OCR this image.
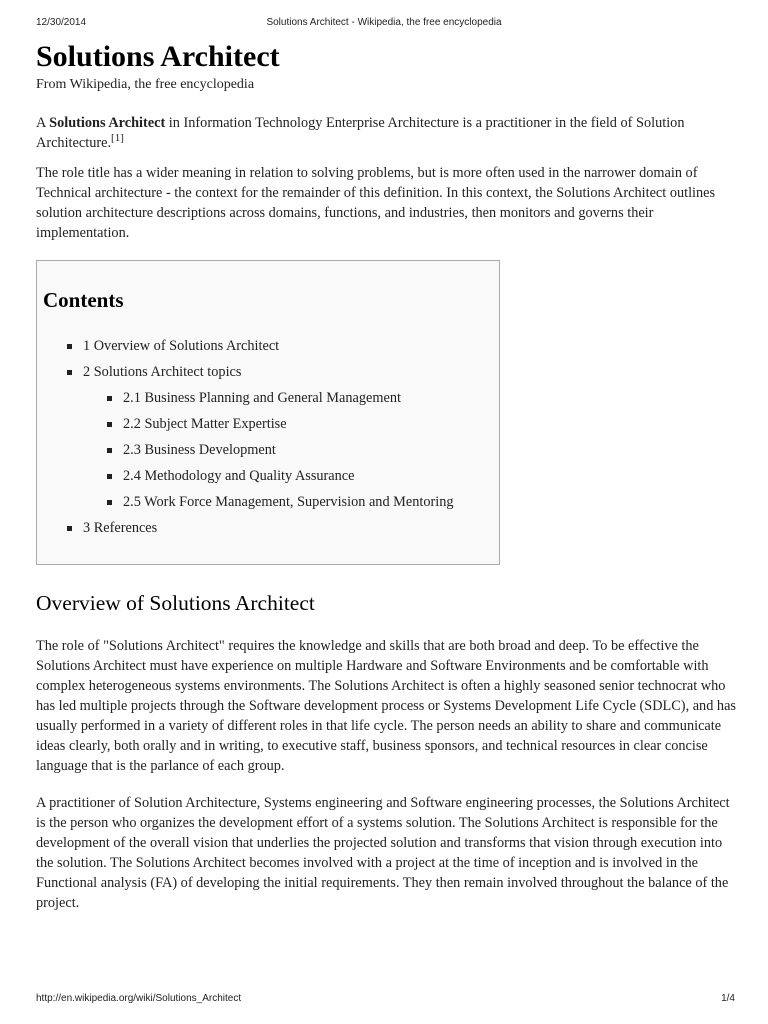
12/30/2014	Solutions Architect - Wikipedia, the free encyclopedia
Solutions Architect
From Wikipedia, the free encyclopedia

A Solutions Architect in Information Technology Enterprise Architecture is a practitioner in the field of Solution Architecture.[1]

The role title has a wider meaning in relation to solving problems, but is more often used in the narrower domain of Technical architecture - the context for the remainder of this definition. In this context, the Solutions Architect outlines solution architecture descriptions across domains, functions, and industries, then monitors and governs their implementation.

Contents
1 Overview of Solutions Architect
2 Solutions Architect topics
2.1 Business Planning and General Management
2.2 Subject Matter Expertise
2.3 Business Development
2.4 Methodology and Quality Assurance
2.5 Work Force Management, Supervision and Mentoring
3 References
Overview of Solutions Architect

The role of "Solutions Architect" requires the knowledge and skills that are both broad and deep. To be effective the Solutions Architect must have experience on multiple Hardware and Software Environments and be comfortable with complex heterogeneous systems environments. The Solutions Architect is often a highly seasoned senior technocrat who has led multiple projects through the Software development process or Systems Development Life Cycle (SDLC), and has usually performed in a variety of different roles in that life cycle. The person needs an ability to share and communicate ideas clearly, both orally and in writing, to executive staff, business sponsors, and technical resources in clear concise language that is the parlance of each group.

A practitioner of Solution Architecture, Systems engineering and Software engineering processes, the Solutions Architect is the person who organizes the development effort of a systems solution. The Solutions Architect is responsible for the development of the overall vision that underlies the projected solution and transforms that vision through execution into the solution. The Solutions Architect becomes involved with a project at the time of inception and is involved in the Functional analysis (FA) of developing the initial requirements. They then remain involved throughout the balance of the project.

http://en.wikipedia.org/wiki/Solutions_Architect	1/4
